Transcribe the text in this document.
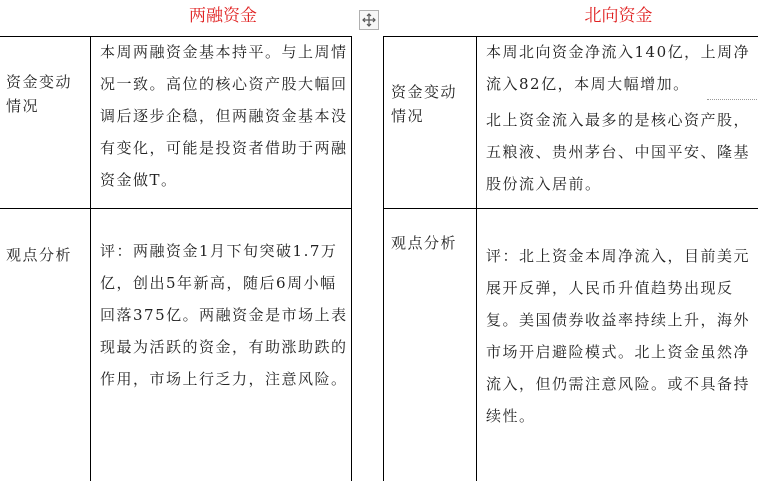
两融资金	北向资金
资金变动情况
本周两融资金基本持平。与上周情况一致。高位的核心资产股大幅回调后逐步企稳，但两融资金基本没有变化，可能是投资者借助于两融资金做T。
观点分析	评：两融资金1月下旬突破1.7万亿，创出5年新高，随后6周小幅回落375亿。两融资金是市场上表现最为活跃的资金，有助涨助跌的作用，市场上行乏力，注意风险。
资金变动情况

本周北向资金净流入140亿，上周净流入82亿，本周大幅增加。

北上资金流入最多的是核心资产股，五粮液、贵州茅台、中国平安、隆基股份流入居前。

观点分析
评：北上资金本周净流入，目前美元展开反弹，人民币升值趋势出现反复。美国债券收益率持续上升，海外市场开启避险模式。北上资金虽然净流入，但仍需注意风险。或不具备持续性。
